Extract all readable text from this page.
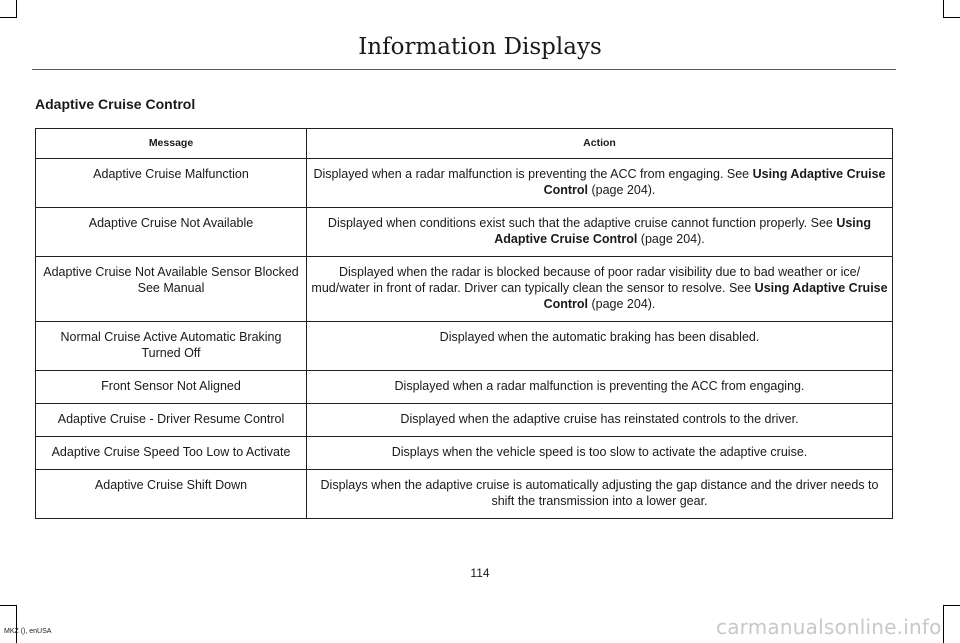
Information Displays
Adaptive Cruise Control
Message	Action
Adaptive Cruise Malfunction	Displayed when a radar malfunction is preventing the ACC from engaging. See Using Adaptive Cruise Control (page 204).
Adaptive Cruise Not Available	Displayed when conditions exist such that the adaptive cruise cannot function properly. See Using Adaptive Cruise Control (page 204).
Adaptive Cruise Not Available Sensor Blocked See Manual	Displayed when the radar is blocked because of poor radar visibility due to bad weather or ice/ mud/water in front of radar. Driver can typically clean the sensor to resolve. See Using Adaptive Cruise Control (page 204).
Normal Cruise Active Automatic Braking Turned Off	Displayed when the automatic braking has been disabled.
Front Sensor Not Aligned	Displayed when a radar malfunction is preventing the ACC from engaging.
Adaptive Cruise - Driver Resume Control	Displayed when the adaptive cruise has reinstated controls to the driver.
Adaptive Cruise Speed Too Low to Activate	Displays when the vehicle speed is too slow to activate the adaptive cruise.
Adaptive Cruise Shift Down	Displays when the adaptive cruise is automatically adjusting the gap distance and the driver needs to shift the transmission into a lower gear.
114
MKZ (), enUSA	carmanualsonline.info
